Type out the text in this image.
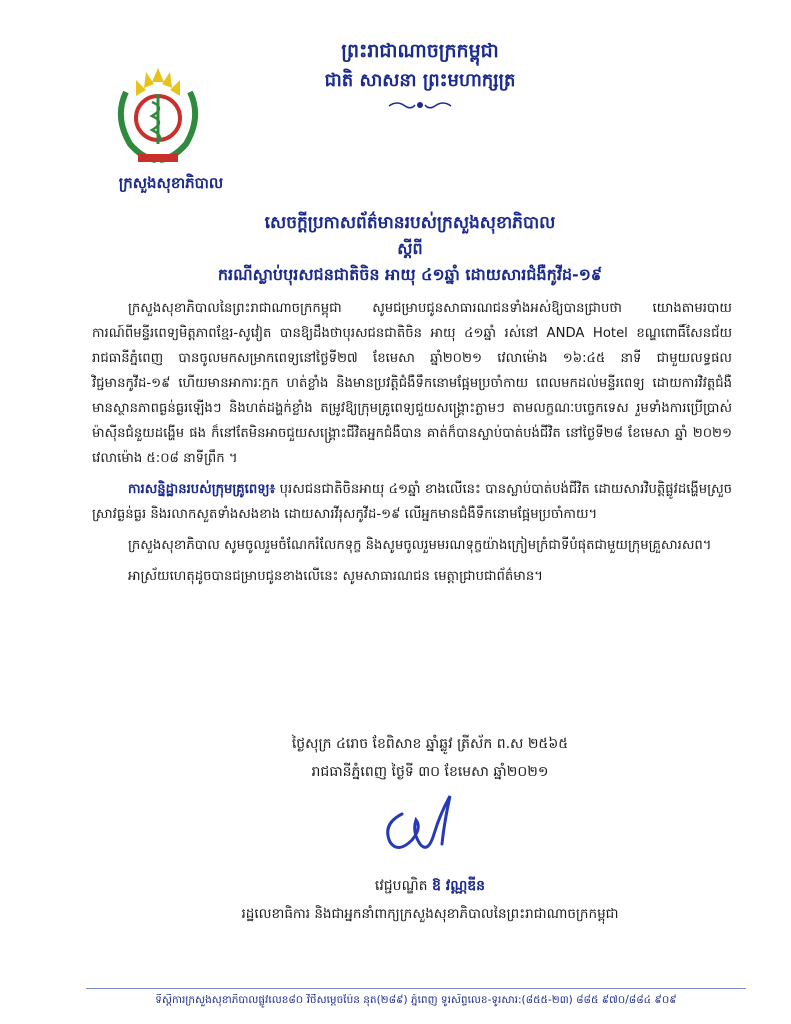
ក្រសួងសុខាភិបាល
ព្រះរាជាណាចក្រកម្ពុជា
ជាតិ សាសនា ព្រះមហាក្សត្រ
សេចក្តីប្រកាសព័ត៌មានរបស់ក្រសួងសុខាភិបាល
ស្តីពី
ករណីស្លាប់បុរសជនជាតិចិន អាយុ ៤១ឆ្នាំ ដោយសារជំងឺកូវីដ-១៩

ក្រសួងសុខាភិបាលនៃព្រះរាជាណាចក្រកម្ពុជា សូមជម្រាបជូនសាធារណជនទាំងអស់ឱ្យបានជ្រាបថា យោងតាមរបាយការណ៍ពីមន្ទីរពេទ្យមិត្តភាពខ្មែរ-សូវៀត បានឱ្យដឹងថាបុរសជនជាតិចិន អាយុ ៤១ឆ្នាំ រស់នៅ ANDA Hotel ខណ្ឌពោធិ៍សែនជ័យ រាជធានីភ្នំពេញ បានចូលមកសម្រាកពេទ្យនៅថ្ងៃទី២៧ ខែមេសា ឆ្នាំ២០២១ វេលាម៉ោង ១៦:៤៥ នាទី ជាមួយលទ្ធផលវិជ្ជមានកូវីដ-១៩ ហើយមានអាការៈក្អក ហត់ខ្លាំង និងមានប្រវត្តិជំងឺទឹកនោមផ្អែមប្រចាំកាយ ពេលមកដល់មន្ទីរពេទ្យ ដោយការវិវត្តជំងឺមានស្ថានភាពធ្ងន់ធ្ងរឡើងៗ និងហត់ដង្ហក់ខ្លាំង តម្រូវឱ្យក្រុមគ្រូពេទ្យជួយសង្គ្រោះភ្លាមៗ តាមលក្ខណៈបច្ចេកទេស រួមទាំងការប្រើប្រាស់ម៉ាស៊ីនជំនួយដង្ហើម ផង ក៏នៅតែមិនអាចជួយសង្គ្រោះជីវិតអ្នកជំងឺបាន គាត់ក៏បានស្លាប់បាត់បង់ជីវិត នៅថ្ងៃទី២៨ ខែមេសា ឆ្នាំ ២០២១ វេលាម៉ោង ៥:០៨ នាទីព្រឹក ។

ការសន្និដ្ឋានរបស់ក្រុមគ្រូពេទ្យ៖ បុរសជនជាតិចិនអាយុ ៤១ឆ្នាំ ខាងលើនេះ បានស្លាប់បាត់បង់ជីវិត ដោយសារវិបត្តិផ្លូវដង្ហើមស្រួចស្រាវធ្ងន់ធ្ងរ និងរលាកសួតទាំងសងខាង ដោយសារវីរុសកូវីដ-១៩ លើអ្នកមានជំងឺទឹកនោមផ្អែមប្រចាំកាយ។

ក្រសួងសុខាភិបាល សូមចូលរួមចំណែករំលែកទុក្ខ និងសូមចូលរួមមរណទុក្ខយ៉ាងក្រៀមក្រំជាទីបំផុតជាមួយក្រុមគ្រួសារសព។

អាស្រ័យហេតុដូចបានជម្រាបជូនខាងលើនេះ សូមសាធារណជន មេត្តាជ្រាបជាព័ត៌មាន។

ថ្ងៃសុក្រ ៤រោច ខែពិសាខ ឆ្នាំឆ្លូវ ត្រីស័ក ព.ស ២៥៦៥
រាជធានីភ្នំពេញ ថ្ងៃទី ៣០ ខែមេសា ឆ្នាំ២០២១
វេជ្ជបណ្ឌិត ឱ វណ្ណឌីន
រដ្ឋលេខាធិការ និងជាអ្នកនាំពាក្យក្រសួងសុខាភិបាលនៃព្រះរាជាណាចក្រកម្ពុជា
ទីស្តីការក្រសួងសុខាភិបាលផ្លូវលេខ៨០ វិថីសម្តេចប៉ែន នុត(២៨៩) ភ្នំពេញ ទូរស័ព្ទលេខ-ទូរសារ:(៨៥៥-២៣) ៨៨៥ ៩៧០/៨៨៤ ៩០៩
